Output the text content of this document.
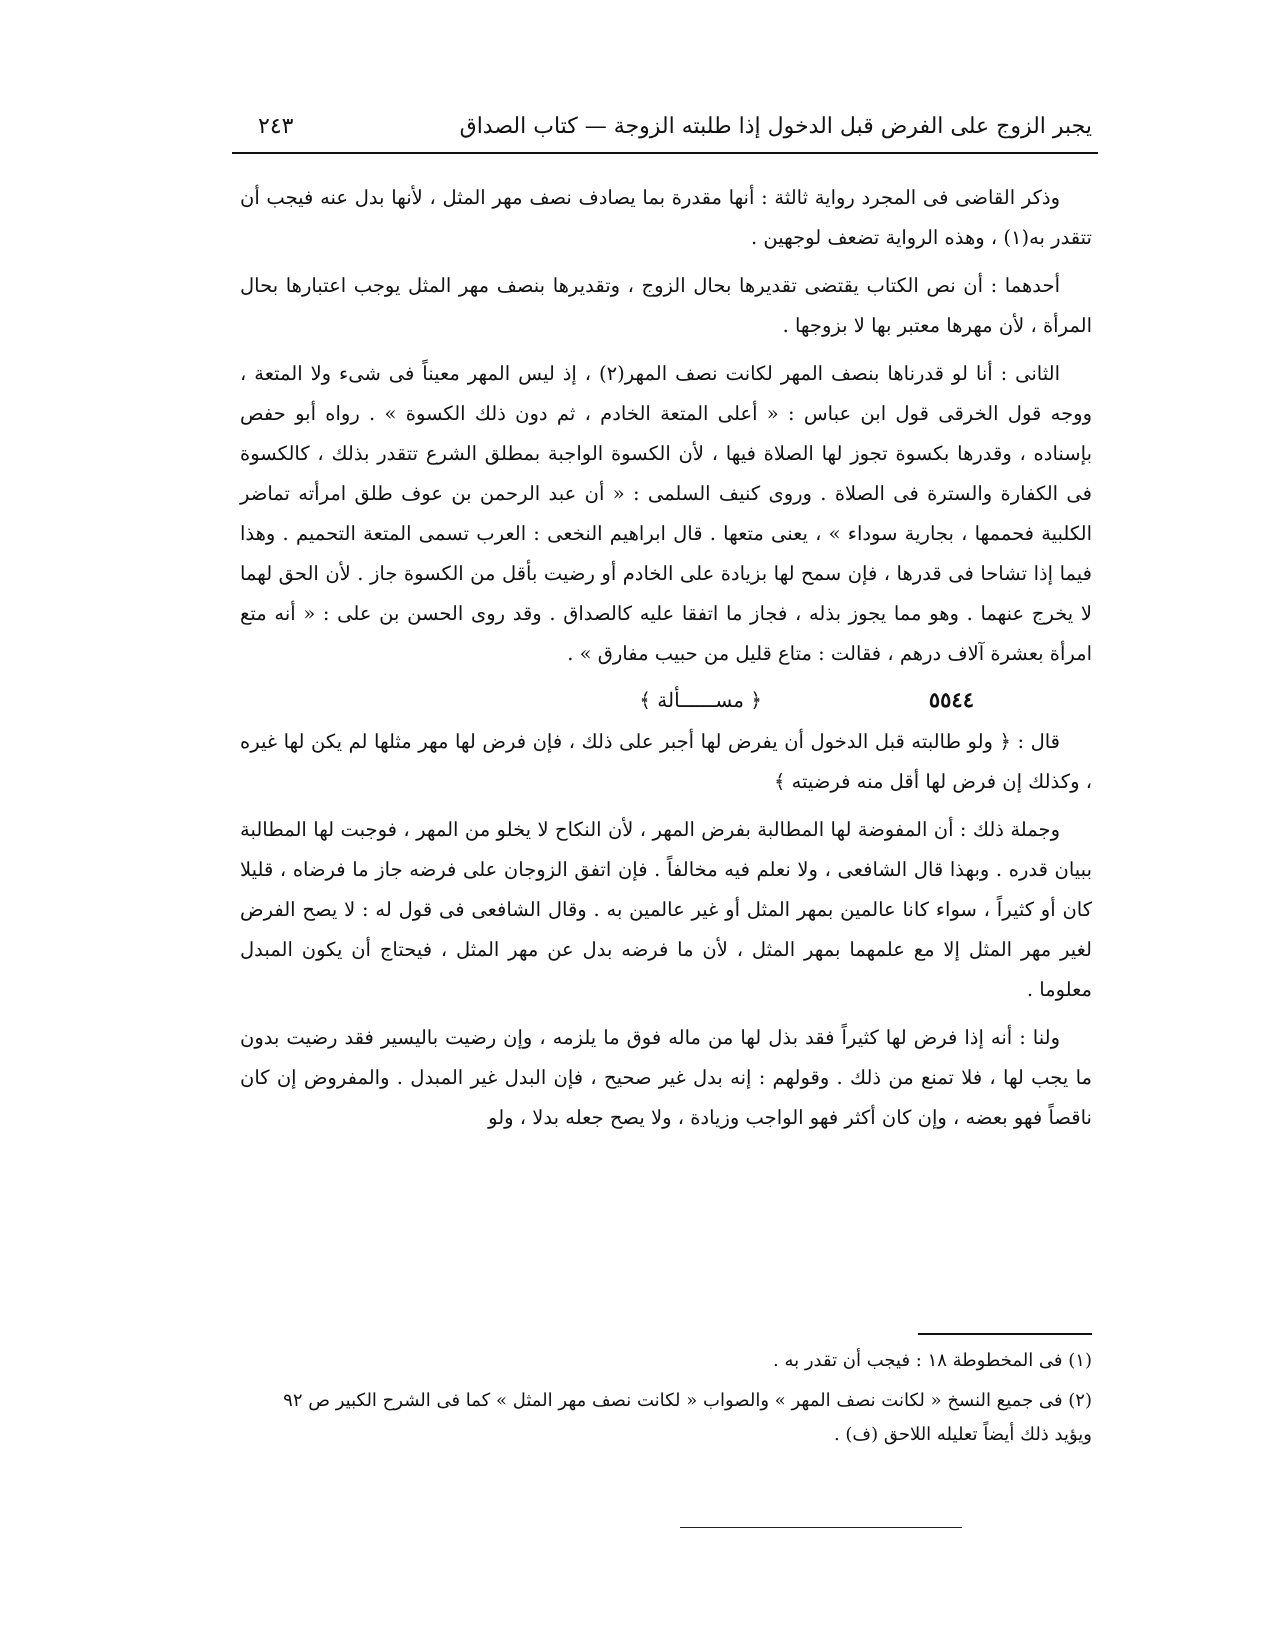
يجبر الزوج على الفرض قبل الدخول إذا طلبته الزوجة — كتاب الصداق
٢٤٣

وذكر القاضى فى المجرد رواية ثالثة : أنها مقدرة بما يصادف نصف مهر المثل ، لأنها بدل عنه فيجب أن تتقدر به(١) ، وهذه الرواية تضعف لوجهين .

أحدهما : أن نص الكتاب يقتضى تقديرها بحال الزوج ، وتقديرها بنصف مهر المثل يوجب اعتبارها بحال المرأة ، لأن مهرها معتبر بها لا بزوجها .

الثانى : أنا لو قدرناها بنصف المهر لكانت نصف المهر(٢) ، إذ ليس المهر معيناً فى شىء ولا المتعة ، ووجه قول الخرقى قول ابن عباس : « أعلى المتعة الخادم ، ثم دون ذلك الكسوة » . رواه أبو حفص بإسناده ، وقدرها بكسوة تجوز لها الصلاة فيها ، لأن الكسوة الواجبة بمطلق الشرع تتقدر بذلك ، كالكسوة فى الكفارة والسترة فى الصلاة . وروى كنيف السلمى : « أن عبد الرحمن بن عوف طلق امرأته تماضر الكلبية فحممها ، بجارية سوداء » ، يعنى متعها . قال ابراهيم النخعى : العرب تسمى المتعة التحميم . وهذا فيما إذا تشاحا فى قدرها ، فإن سمح لها بزيادة على الخادم أو رضيت بأقل من الكسوة جاز . لأن الحق لهما لا يخرج عنهما . وهو مما يجوز بذله ، فجاز ما اتفقا عليه كالصداق . وقد روى الحسن بن على : « أنه متع امرأة بعشرة آلاف درهم ، فقالت : متاع قليل من حبيب مفارق » .

﴿ مســــــألة ﴾	٥٥٤٤

قال : ﴿ ولو طالبته قبل الدخول أن يفرض لها أجبر على ذلك ، فإن فرض لها مهر مثلها لم يكن لها غيره ، وكذلك إن فرض لها أقل منه فرضيته ﴾

وجملة ذلك : أن المفوضة لها المطالبة بفرض المهر ، لأن النكاح لا يخلو من المهر ، فوجبت لها المطالبة ببيان قدره . وبهذا قال الشافعى ، ولا نعلم فيه مخالفاً . فإن اتفق الزوجان على فرضه جاز ما فرضاه ، قليلا كان أو كثيراً ، سواء كانا عالمين بمهر المثل أو غير عالمين به . وقال الشافعى فى قول له : لا يصح الفرض لغير مهر المثل إلا مع علمهما بمهر المثل ، لأن ما فرضه بدل عن مهر المثل ، فيحتاج أن يكون المبدل معلوما .

ولنا : أنه إذا فرض لها كثيراً فقد بذل لها من ماله فوق ما يلزمه ، وإن رضيت باليسير فقد رضيت بدون ما يجب لها ، فلا تمنع من ذلك . وقولهم : إنه بدل غير صحيح ، فإن البدل غير المبدل . والمفروض إن كان ناقصاً فهو بعضه ، وإن كان أكثر فهو الواجب وزيادة ، ولا يصح جعله بدلا ، ولو

(١) فى المخطوطة ١٨ : فيجب أن تقدر به .

(٢) فى جميع النسخ « لكانت نصف المهر » والصواب « لكانت نصف مهر المثل » كما فى الشرح الكبير ص ٩٢

ويؤيد ذلك أيضاً تعليله اللاحق (ف) .
